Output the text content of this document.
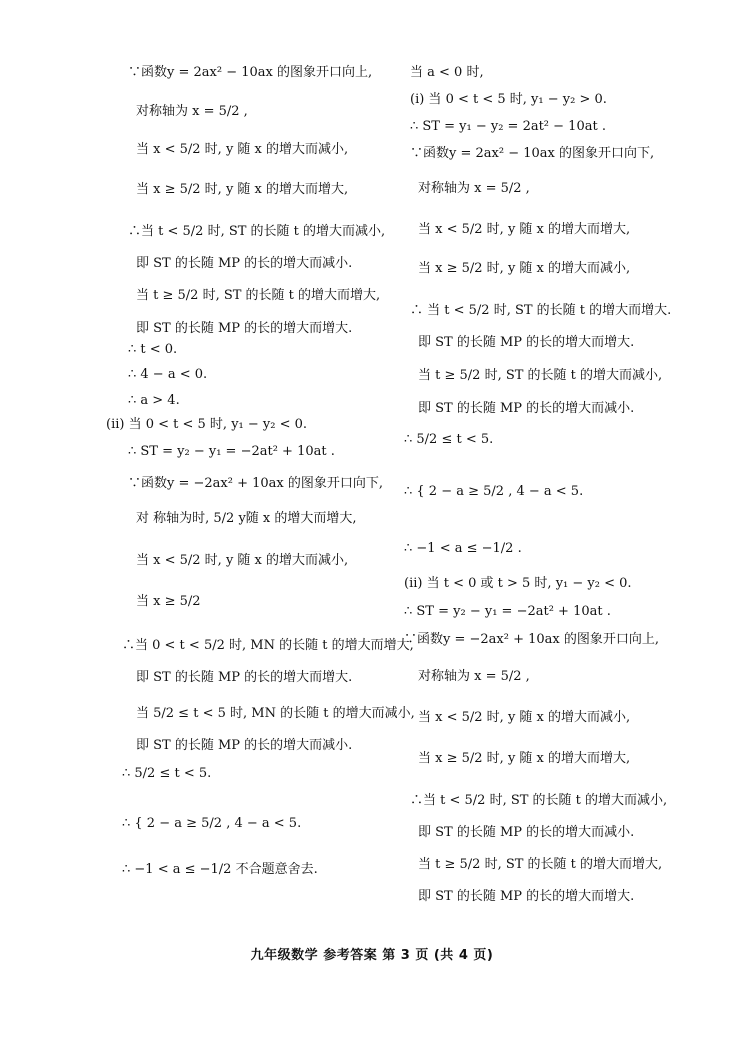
∵函数y = 2ax² − 10ax 的图象开口向上,
对称轴为 x = 5/2 ,
当 x < 5/2 时, y 随 x 的增大而减小,
当 x ≥ 5/2 时, y 随 x 的增大而增大,
∴当 t < 5/2 时, ST 的长随 t 的增大而减小,
即 ST 的长随 MP 的长的增大而减小.
当 t ≥ 5/2 时, ST 的长随 t 的增大而增大,
即 ST 的长随 MP 的长的增大而增大.
∴ t < 0.
∴ 4 − a < 0.
∴ a > 4.
(ii) 当 0 < t < 5 时, y₁ − y₂ < 0.
∴ ST = y₂ − y₁ = −2at² + 10at .
∵函数y = −2ax² + 10ax 的图象开口向下,
对 称轴为时, 5/2 y随 x 的增大而增大,
当 x < 5/2 时, y 随 x 的增大而减小,
当 x ≥ 5/2
∴当 0 < t < 5/2 时, MN 的长随 t 的增大而增大,
即 ST 的长随 MP 的长的增大而增大.
当 5/2 ≤ t < 5 时, MN 的长随 t 的增大而减小,
即 ST 的长随 MP 的长的增大而减小.
∴ 5/2 ≤ t < 5.
∴ { 2 − a ≥ 5/2 , 4 − a < 5.
∴ −1 < a ≤ −1/2 不合题意舍去.
当 a < 0 时,
(i) 当 0 < t < 5 时, y₁ − y₂ > 0.
∴ ST = y₁ − y₂ = 2at² − 10at .
∵函数y = 2ax² − 10ax 的图象开口向下,
对称轴为 x = 5/2 ,
当 x < 5/2 时, y 随 x 的增大而增大,
当 x ≥ 5/2 时, y 随 x 的增大而减小,
∴ 当 t < 5/2 时, ST 的长随 t 的增大而增大.
即 ST 的长随 MP 的长的增大而增大.
当 t ≥ 5/2 时, ST 的长随 t 的增大而减小,
即 ST 的长随 MP 的长的增大而减小.
∴ 5/2 ≤ t < 5.
∴ { 2 − a ≥ 5/2 , 4 − a < 5.
∴ −1 < a ≤ −1/2 .
(ii) 当 t < 0 或 t > 5 时, y₁ − y₂ < 0.
∴ ST = y₂ − y₁ = −2at² + 10at .
∵函数y = −2ax² + 10ax 的图象开口向上,
对称轴为 x = 5/2 ,
当 x < 5/2 时, y 随 x 的增大而减小,
当 x ≥ 5/2 时, y 随 x 的增大而增大,
∴当 t < 5/2 时, ST 的长随 t 的增大而减小,
即 ST 的长随 MP 的长的增大而减小.
当 t ≥ 5/2 时, ST 的长随 t 的增大而增大,
即 ST 的长随 MP 的长的增大而增大.
九年级数学 参考答案 第 3 页 (共 4 页)
